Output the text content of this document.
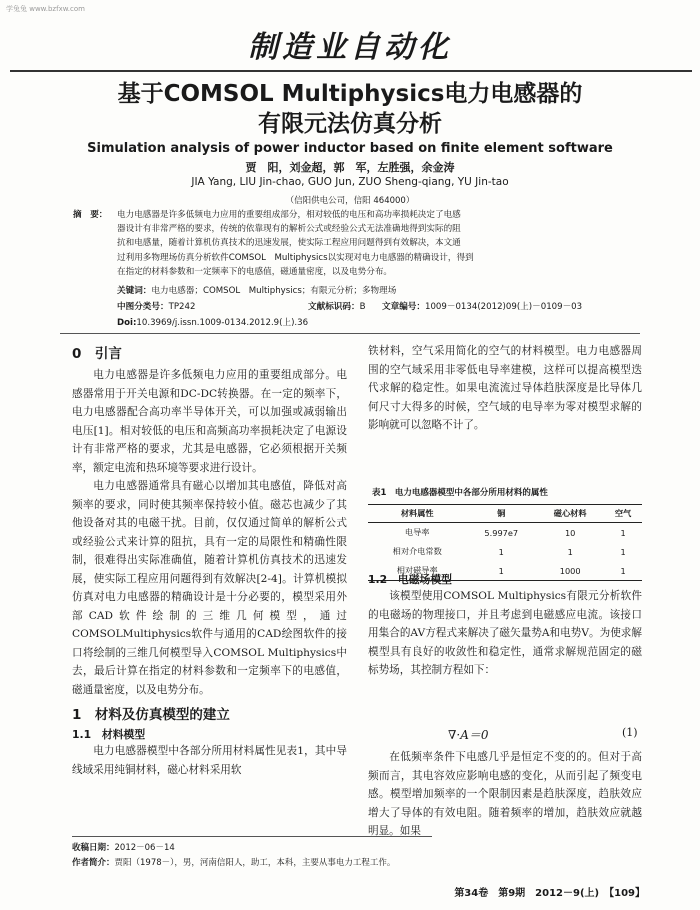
学兔兔 www.bzfxw.com
制造业自动化
基于COMSOL Multiphysics电力电感器的
有限元法仿真分析
Simulation analysis of power inductor based on finite element software
贾　阳，刘金超，郭　军，左胜强，余金涛
JIA Yang, LIU Jin-chao, GUO Jun, ZUO Sheng-qiang, YU Jin-tao
（信阳供电公司，信阳 464000）
摘　要： 电力电感器是许多低频电力应用的重要组成部分，相对较低的电压和高功率损耗决定了电感
器设计有非常严格的要求，传统的依靠现有的解析公式或经验公式无法准确地得到实际的阻
抗和电感量，随着计算机仿真技术的迅速发展，使实际工程应用问题得到有效解决，本文通
过利用多物理场仿真分析软件COMSOL　Multiphysics以实现对电力电感器的精确设计，得到
在指定的材料参数和一定频率下的电感值，磁通量密度，以及电势分布。
关键词：电力电感器；COMSOL　Multiphysics；有限元分析；多物理场
中图分类号：TP242	文献标识码：B 文章编号：1009－0134(2012)09(上)－0109－03
Doi:10.3969/j.issn.1009-0134.2012.9(上).36
0　引言

电力电感器是许多低频电力应用的重要组成部分。电感器常用于开关电源和DC-DC转换器。在一定的频率下，电力电感器配合高功率半导体开关，可以加强或减弱输出电压[1]。相对较低的电压和高频高功率损耗决定了电源设计有非常严格的要求，尤其是电感器，它必须根据开关频率，额定电流和热环境等要求进行设计。

电力电感器通常具有磁心以增加其电感值，降低对高频率的要求，同时使其频率保持较小值。磁芯也减少了其他设备对其的电磁干扰。目前，仅仅通过简单的解析公式或经验公式来计算的阻抗，具有一定的局限性和精确性限制，很难得出实际准确值，随着计算机仿真技术的迅速发展，使实际工程应用问题得到有效解决[2-4]。计算机模拟仿真对电力电感器的精确设计是十分必要的，模型采用外部CAD软件绘制的三维几何模型，通过COMSOLMultiphysics软件与通用的CAD绘图软件的接口将绘制的三维几何模型导入COMSOL Multiphysics中去，最后计算在指定的材料参数和一定频率下的电感值，磁通量密度，以及电势分布。

1　材料及仿真模型的建立
1.1　材料模型

电力电感器模型中各部分所用材料属性见表1，其中导线域采用纯铜材料，磁心材料采用软

铁材料，空气采用简化的空气的材料模型。电力电感器周围的空气域采用非零低电导率建模，这样可以提高模型迭代求解的稳定性。如果电流流过导体趋肤深度是比导体几何尺寸大得多的时候，空气域的电导率为零对模型求解的影响就可以忽略不计了。

表1　电力电感器模型中各部分所用材料的属性
材料属性	铜	磁心材料	空气
电导率	5.997e7	10	1
相对介电常数	1	1	1
相对磁导率	1	1000	1
1.2　电磁场模型

该模型使用COMSOL Multiphysics有限元分析软件的电磁场的物理接口，并且考虑到电磁感应电流。该接口用集合的AV方程式来解决了磁矢量势A和电势V。为使求解模型具有良好的收敛性和稳定性，通常求解规范固定的磁标势场，其控制方程如下：

∇·A＝0	(1)

在低频率条件下电感几乎是恒定不变的的。但对于高频而言，其电容效应影响电感的变化，从而引起了频变电感。模型增加频率的一个限制因素是趋肤深度，趋肤效应增大了导体的有效电阻。随着频率的增加，趋肤效应就越明显。如果

收稿日期：2012－06－14
作者简介：贾阳（1978－），男，河南信阳人，助工，本科，主要从事电力工程工作。
第34卷　第9期　2012－9(上)　【109】
